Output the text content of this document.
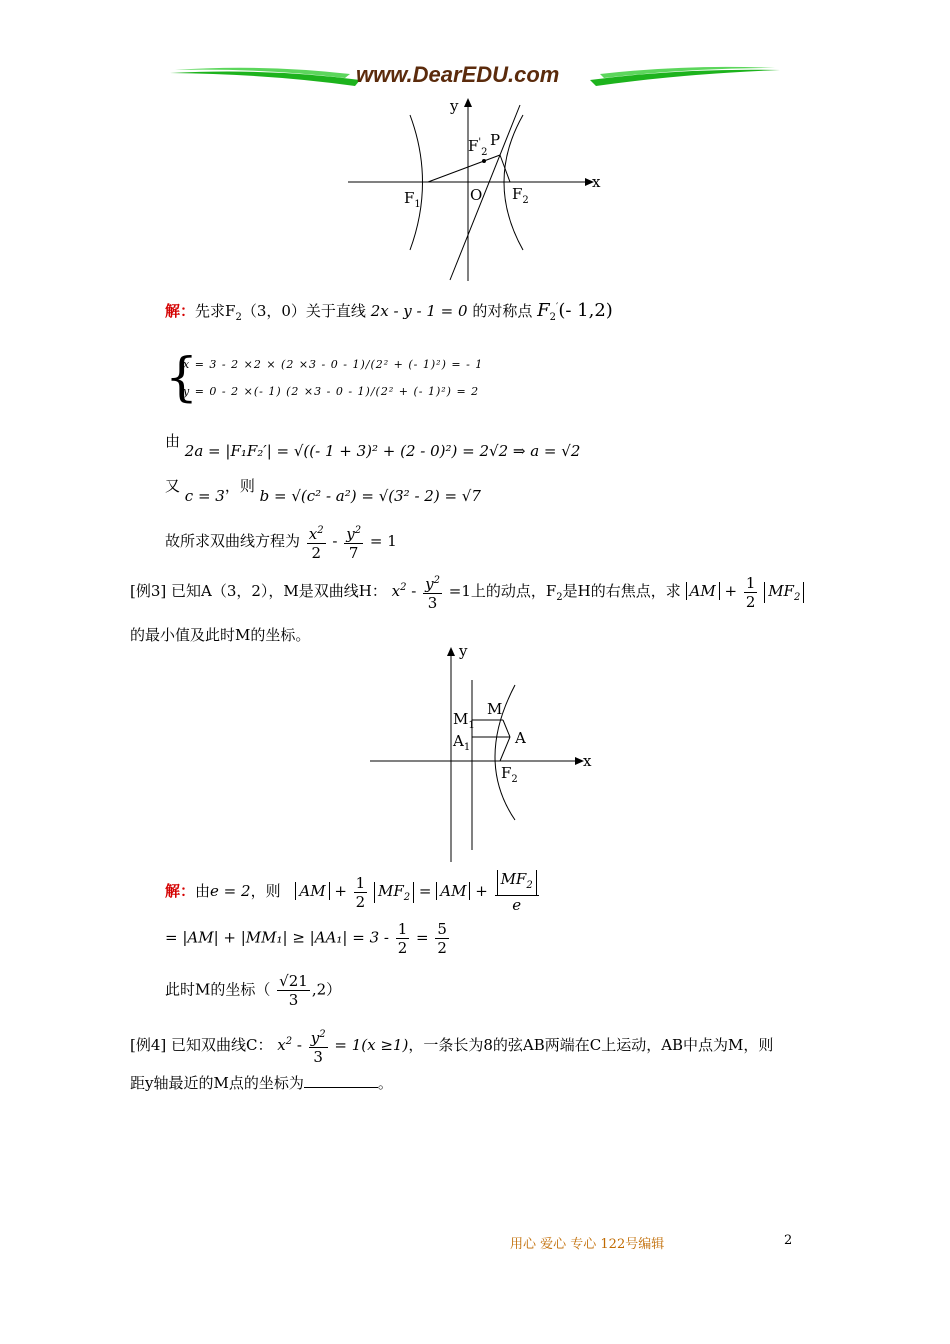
www.DearEDU.com
y
x
$F_1$
O $F_2$
P
$F'_2$
解：先求$F_2(3$，0）关于直线 2x - y - 1 = 0 的对称点 $F_2'(-$ 1,2)
{
x = 3 - 2 ×2 × (2 ×3 - 0 - 1)/(2² + (- 1)²) = - 1
y = 0 - 2 ×(- 1) (2 ×3 - 0 - 1)/(2² + (- 1)²) = 2
由 2a = |F₁F₂′| = √((- 1 + 3)² + (2 - 0)²) = 2√2 ⇒ a = √2
又 c = 3，则 b = √(c² - a²) = √(3² - 2) = √7
故所求双曲线方程为 $\frac{x^2}{2} - \frac{y^2}{7} = 1$
[例3] 已知A（3，2），M是双曲线H： $x^2 - \frac{y^2}{3} =1$上的动点，$F_2$是H的右焦点，求 AM + $\frac{1}{2} MF_2$
的最小值及此时M的坐标。
y
x
M
$M_1$
$A_1$
A
$F_2$
解：由e = 2，则 AM + $\frac{1}{2} MF_2$ = AM + $\frac{MF_2}{e}$
= $|AM| + |MM_1| \ge |AA_1| = 3 - \frac{1}{2} = \frac{5}{2}$
此时M的坐标（ $\frac{√21}{3} ,2$）
[例4] 已知双曲线C： $x^2 - \frac{y^2}{3} = 1(x \ge 1)$，一条长为8的弦AB两端在C上运动，AB中点为M，则
距y轴最近的M点的坐标为	。
用心 爱心 专心 122号编辑	2
